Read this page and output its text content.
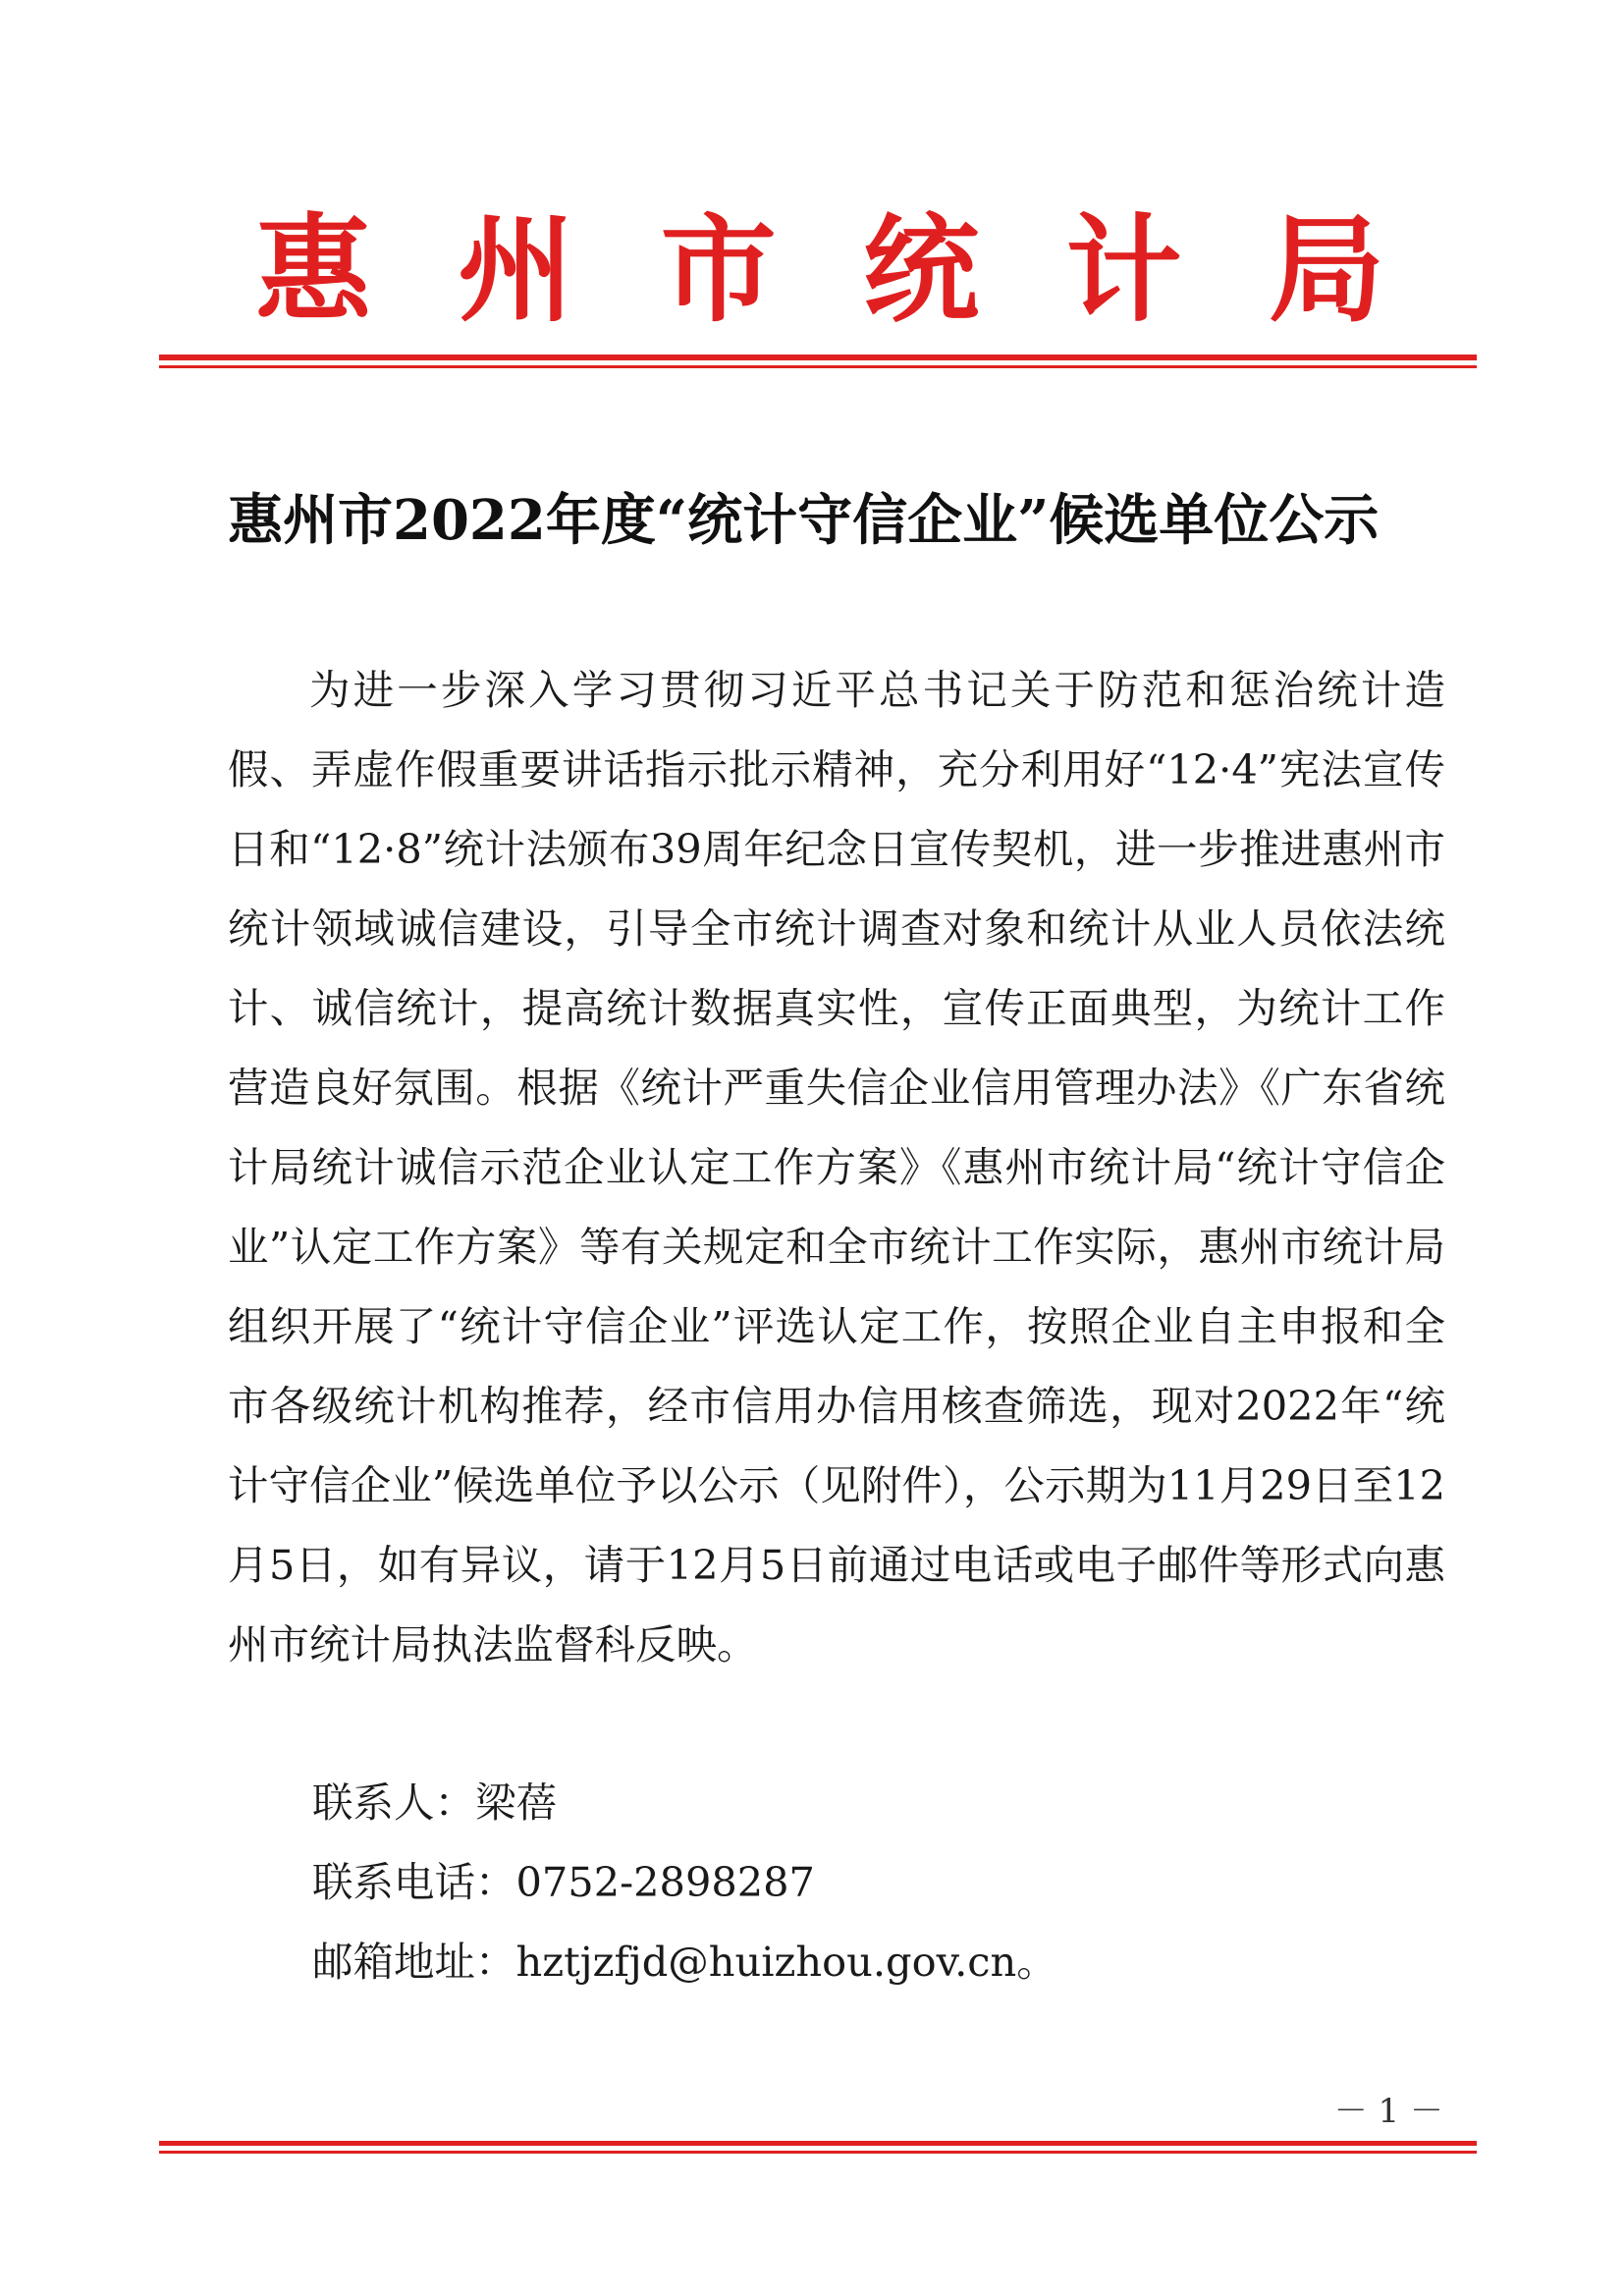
惠 州 市 统 计 局
惠州市2022年度“统计守信企业”候选单位公示

为进一步深入学习贯彻习近平总书记关于防范和惩治统计造假、弄虚作假重要讲话指示批示精神，充分利用好“12·4”宪法宣传日和“12·8”统计法颁布39周年纪念日宣传契机，进一步推进惠州市统计领域诚信建设，引导全市统计调查对象和统计从业人员依法统计、诚信统计，提高统计数据真实性，宣传正面典型，为统计工作营造良好氛围。根据《统计严重失信企业信用管理办法》《广东省统计局统计诚信示范企业认定工作方案》《惠州市统计局“统计守信企业”认定工作方案》等有关规定和全市统计工作实际，惠州市统计局组织开展了“统计守信企业”评选认定工作，按照企业自主申报和全市各级统计机构推荐，经市信用办信用核查筛选，现对2022年“统计守信企业”候选单位予以公示（见附件），公示期为11月29日至12月5日，如有异议，请于12月5日前通过电话或电子邮件等形式向惠州市统计局执法监督科反映。

联系人：梁蓓
联系电话：0752-2898287
邮箱地址：hztjzfjd@huizhou.gov.cn。
－ 1 －
